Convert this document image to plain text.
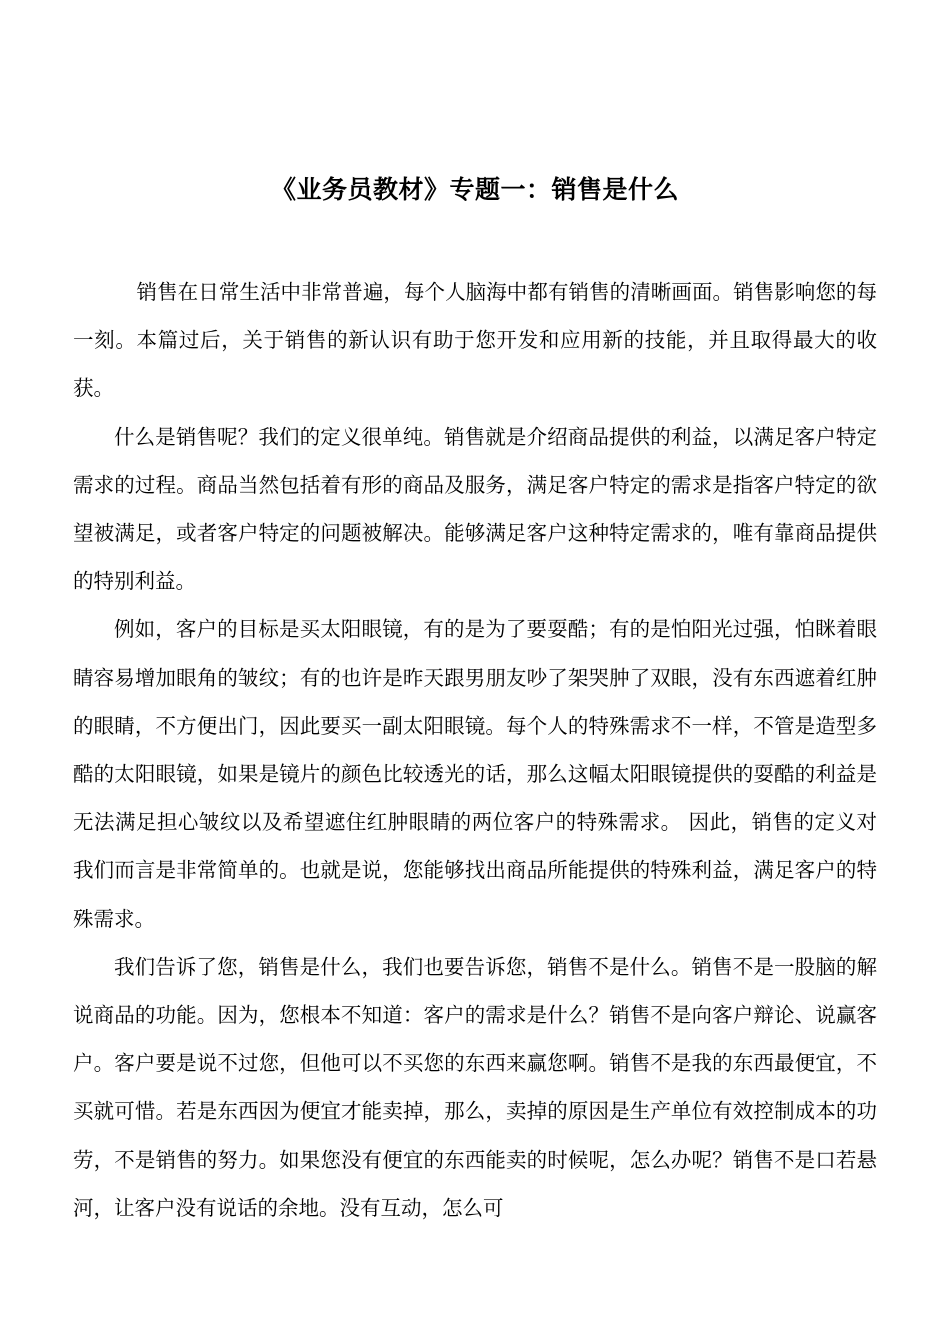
《业务员教材》专题一：销售是什么

销售在日常生活中非常普遍，每个人脑海中都有销售的清晰画面。销售影响您的每一刻。本篇过后，关于销售的新认识有助于您开发和应用新的技能，并且取得最大的收获。

什么是销售呢？我们的定义很单纯。销售就是介绍商品提供的利益，以满足客户特定需求的过程。商品当然包括着有形的商品及服务，满足客户特定的需求是指客户特定的欲望被满足，或者客户特定的问题被解决。能够满足客户这种特定需求的，唯有靠商品提供的特别利益。

例如，客户的目标是买太阳眼镜，有的是为了要耍酷；有的是怕阳光过强，怕眯着眼睛容易增加眼角的皱纹；有的也许是昨天跟男朋友吵了架哭肿了双眼，没有东西遮着红肿的眼睛，不方便出门，因此要买一副太阳眼镜。每个人的特殊需求不一样，不管是造型多酷的太阳眼镜，如果是镜片的颜色比较透光的话，那么这幅太阳眼镜提供的耍酷的利益是无法满足担心皱纹以及希望遮住红肿眼睛的两位客户的特殊需求。 因此，销售的定义对我们而言是非常简单的。也就是说，您能够找出商品所能提供的特殊利益，满足客户的特殊需求。

我们告诉了您，销售是什么，我们也要告诉您，销售不是什么。销售不是一股脑的解说商品的功能。因为，您根本不知道：客户的需求是什么？销售不是向客户辩论、说赢客户。客户要是说不过您，但他可以不买您的东西来赢您啊。销售不是我的东西最便宜，不买就可惜。若是东西因为便宜才能卖掉，那么，卖掉的原因是生产单位有效控制成本的功劳，不是销售的努力。如果您没有便宜的东西能卖的时候呢，怎么办呢？销售不是口若悬河，让客户没有说话的余地。没有互动，怎么可
